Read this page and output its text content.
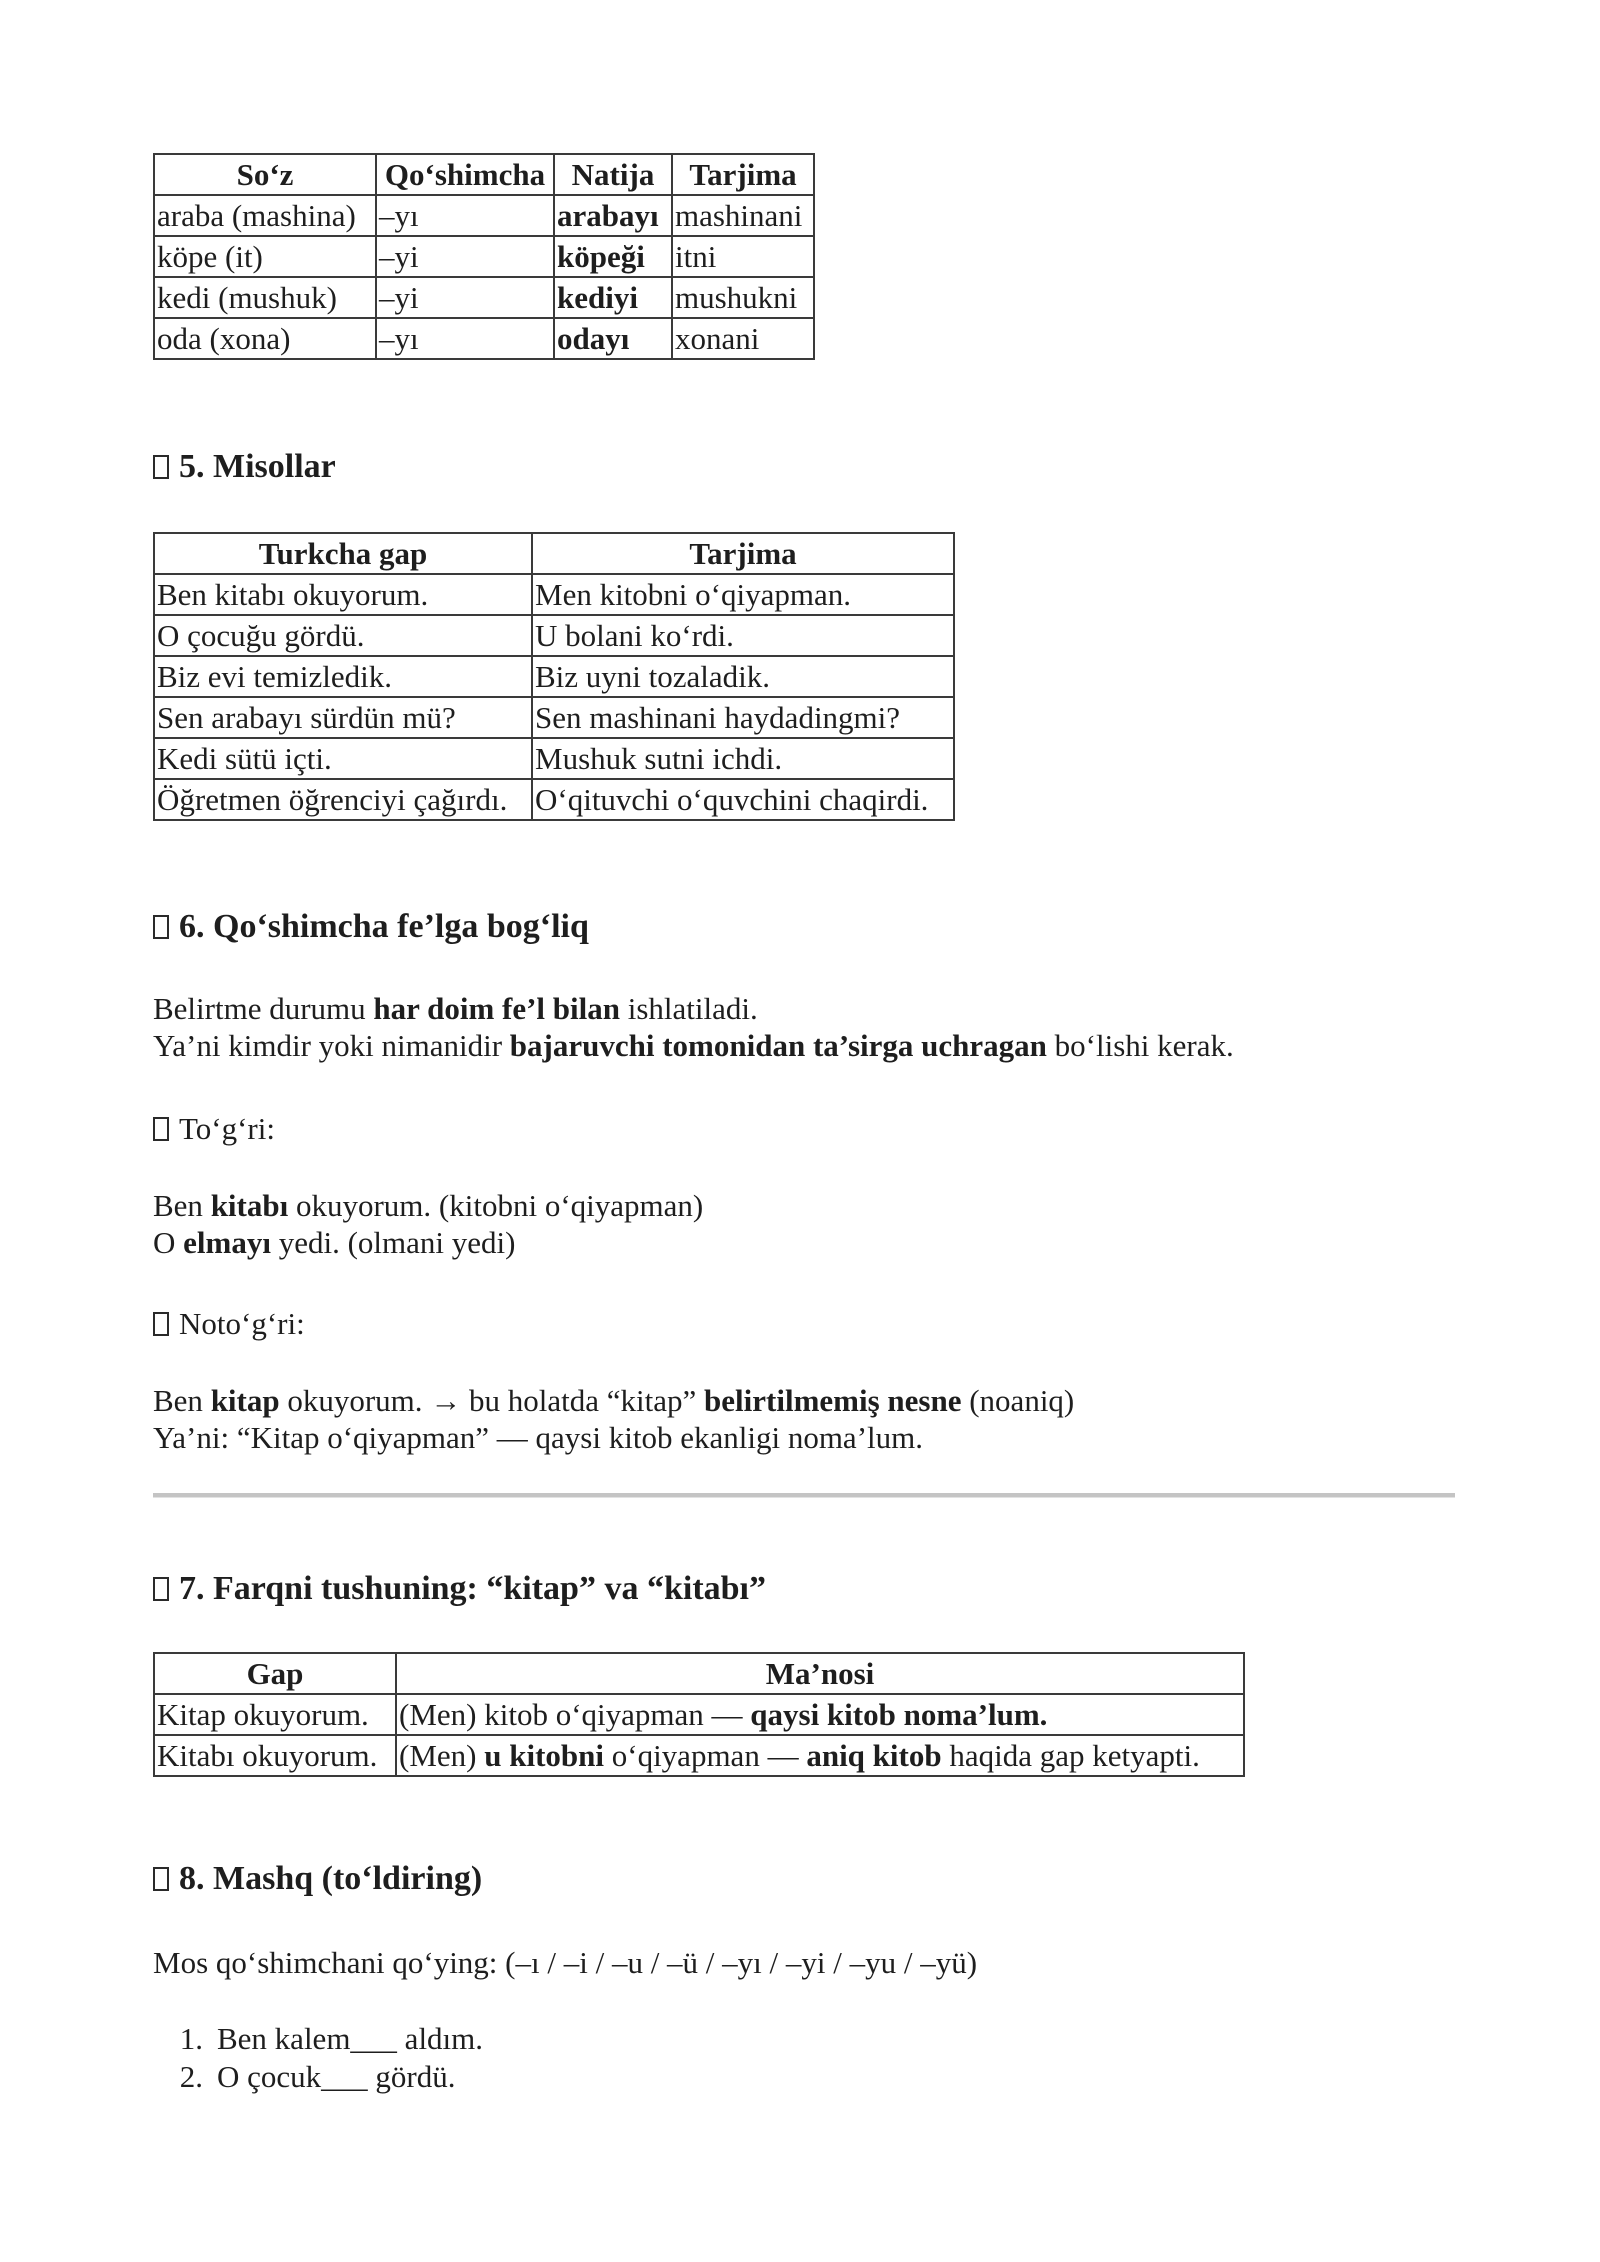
So‘z	Qo‘shimcha	Natija	Tarjima
araba (mashina)	–yı	arabayı	mashinani
köpe (it)	–yi	köpeği	itni
kedi (mushuk)	–yi	kediyi	mushukni
oda (xona)	–yı	odayı	xonani
5. Misollar
Turkcha gap	Tarjima
Ben kitabı okuyorum.	Men kitobni o‘qiyapman.
O çocuğu gördü.	U bolani ko‘rdi.
Biz evi temizledik.	Biz uyni tozaladik.
Sen arabayı sürdün mü?	Sen mashinani haydadingmi?
Kedi sütü içti.	Mushuk sutni ichdi.
Öğretmen öğrenciyi çağırdı.	O‘qituvchi o‘quvchini chaqirdi.
6. Qo‘shimcha fe’lga bog‘liq
Belirtme durumu har doim fe’l bilan ishlatiladi.
Ya’ni kimdir yoki nimanidir bajaruvchi tomonidan ta’sirga uchragan bo‘lishi kerak.
To‘g‘ri:
Ben kitabı okuyorum. (kitobni o‘qiyapman)
O elmayı yedi. (olmani yedi)
Noto‘g‘ri:
Ben kitap okuyorum. → bu holatda “kitap” belirtilmemiş nesne (noaniq)
Ya’ni: “Kitap o‘qiyapman” — qaysi kitob ekanligi noma’lum.
7. Farqni tushuning: “kitap” va “kitabı”
Gap	Ma’nosi
Kitap okuyorum.	(Men) kitob o‘qiyapman — qaysi kitob noma’lum.
Kitabı okuyorum.	(Men) u kitobni o‘qiyapman — aniq kitob haqida gap ketyapti.
8. Mashq (to‘ldiring)
Mos qo‘shimchani qo‘ying: (–ı / –i / –u / –ü / –yı / –yi / –yu / –yü)
1. Ben kalem___ aldım.
2. O çocuk___ gördü.
